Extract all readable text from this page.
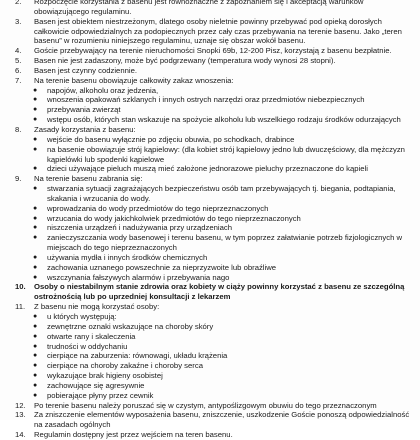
2. Rozpoczęcie korzystania z basenu jest równoznaczne z zapoznaniem się i akceptacją warunków obowiązującego regulaminu.
3. Basen jest obiektem niestrzeżonym, dlatego osoby nieletnie powinny przebywać pod opieką dorosłych całkowicie odpowiedzialnych za podopiecznych przez cały czas przebywania na terenie basenu. Jako „teren basenu” w rozumieniu niniejszego regulaminu, uznaje się obszar wokół basenu.
4. Goście przebywający na terenie nieruchomości Snopki 69b, 12-200 Pisz, korzystają z basenu bezpłatnie.
5. Basen nie jest zadaszony, może być podgrzewany (temperatura wody wynosi 28 stopni).
6. Basen jest czynny codziennie.
7. Na terenie basenu obowiązuje całkowity zakaz wnoszenia:
● napojów, alkoholu oraz jedzenia,
● wnoszenia opakowań szklanych i innych ostrych narzędzi oraz przedmiotów niebezpiecznych
● przebywania zwierząt
● wstępu osób, których stan wskazuje na spożycie alkoholu lub wszelkiego rodzaju środków odurzających
8. Zasady korzystania z basenu:
● wejście do basenu wyłącznie po zdjęciu obuwia, po schodkach, drabince
● na basenie obowiązuje strój kąpielowy: (dla kobiet strój kąpielowy jedno lub dwuczęściowy, dla mężczyzn kąpielówki lub spodenki kąpielowe
● dzieci używające pieluch muszą mieć założone jednorazowe pieluchy przeznaczone do kąpieli
9. Na terenie basenu zabrania się:
● stwarzania sytuacji zagrażających bezpieczeństwu osób tam przebywających tj. biegania, podtapiania, skakania i wrzucania do wody.
● wprowadzania do wody przedmiotów do tego nieprzeznaczonych
● wrzucania do wody jakichkolwiek przedmiotów do tego nieprzeznaczonych
● niszczenia urządzeń i nadużywania przy urządzeniach
● zanieczyszczania wody basenowej i terenu basenu, w tym poprzez załatwianie potrzeb fizjologicznych w miejscach do tego nieprzeznaczonych
● używania mydła i innych środków chemicznych
● zachowania uznanego powszechnie za nieprzyzwoite lub obraźliwe
● wszczynania fałszywych alarmów i przebywania nago
10. Osoby o niestabilnym stanie zdrowia oraz kobiety w ciąży powinny korzystać z basenu ze szczególną ostrożnością lub po uprzedniej konsultacji z lekarzem
11. Z basenu nie mogą korzystać osoby:
● u których występują:
● zewnętrzne oznaki wskazujące na choroby skóry
● otwarte rany i skaleczenia
● trudności w oddychaniu
● cierpiące na zaburzenia: równowagi, układu krążenia
● cierpiące na choroby zakaźne i choroby serca
● wykazujące brak higieny osobistej
● zachowujące się agresywnie
● pobierające płyny przez cewnik
12. Po terenie basenu należy poruszać się w czystym, antypoślizgowym obuwiu do tego przeznaczonym
13. Za zniszczenie elementów wyposażenia basenu, zniszczenie, uszkodzenie Goście ponoszą odpowiedzialność na zasadach ogólnych
14. Regulamin dostępny jest przez wejściem na teren basenu.
